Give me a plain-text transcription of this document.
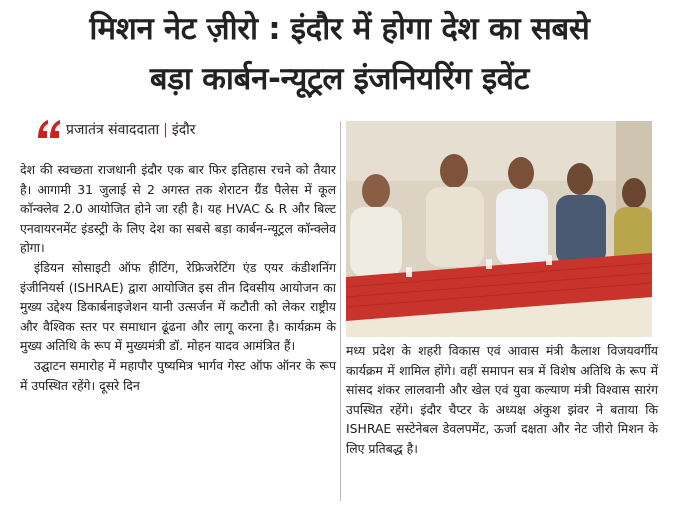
मिशन नेट ज़ीरो : इंदौर में होगा देश का सबसे
बड़ा कार्बन-न्यूट्रल इंजनियरिंग इवेंट
प्रजातंत्र संवाददाता | इंदौर

देश की स्वच्छता राजधानी इंदौर एक बार फिर इतिहास रचने को तैयार है। आगामी 31 जुलाई से 2 अगस्त तक शेराटन ग्रैंड पैलेस में कूल कॉन्क्लेव 2.0 आयोजित होने जा रही है। यह HVAC & R और बिल्ट एनवायरनमेंट इंडस्ट्री के लिए देश का सबसे बड़ा कार्बन-न्यूट्रल कॉन्क्लेव होगा।

इंडियन सोसाइटी ऑफ हीटिंग, रेफ्रिजरेटिंग एंड एयर कंडीशनिंग इंजीनियर्स (ISHRAE) द्वारा आयोजित इस तीन दिवसीय आयोजन का मुख्य उद्देश्य डिकार्बनाइजेशन यानी उत्सर्जन में कटौती को लेकर राष्ट्रीय और वैश्विक स्तर पर समाधान ढूंढना और लागू करना है। कार्यक्रम के मुख्य अतिथि के रूप में मुख्यमंत्री डॉ. मोहन यादव आमंत्रित हैं।

उद्घाटन समारोह में महापौर पुष्यमित्र भार्गव गेस्ट ऑफ ऑनर के रूप में उपस्थित रहेंगे। दूसरे दिन

मध्य प्रदेश के शहरी विकास एवं आवास मंत्री कैलाश विजयवर्गीय कार्यक्रम में शामिल होंगे। वहीं समापन सत्र में विशेष अतिथि के रूप में सांसद शंकर लालवानी और खेल एवं युवा कल्याण मंत्री विश्वास सारंग उपस्थित रहेंगे। इंदौर चैप्टर के अध्यक्ष अंकुश झंवर ने बताया कि ISHRAE सस्टेनेबल डेवलपमेंट, ऊर्जा दक्षता और नेट जीरो मिशन के लिए प्रतिबद्ध है।
